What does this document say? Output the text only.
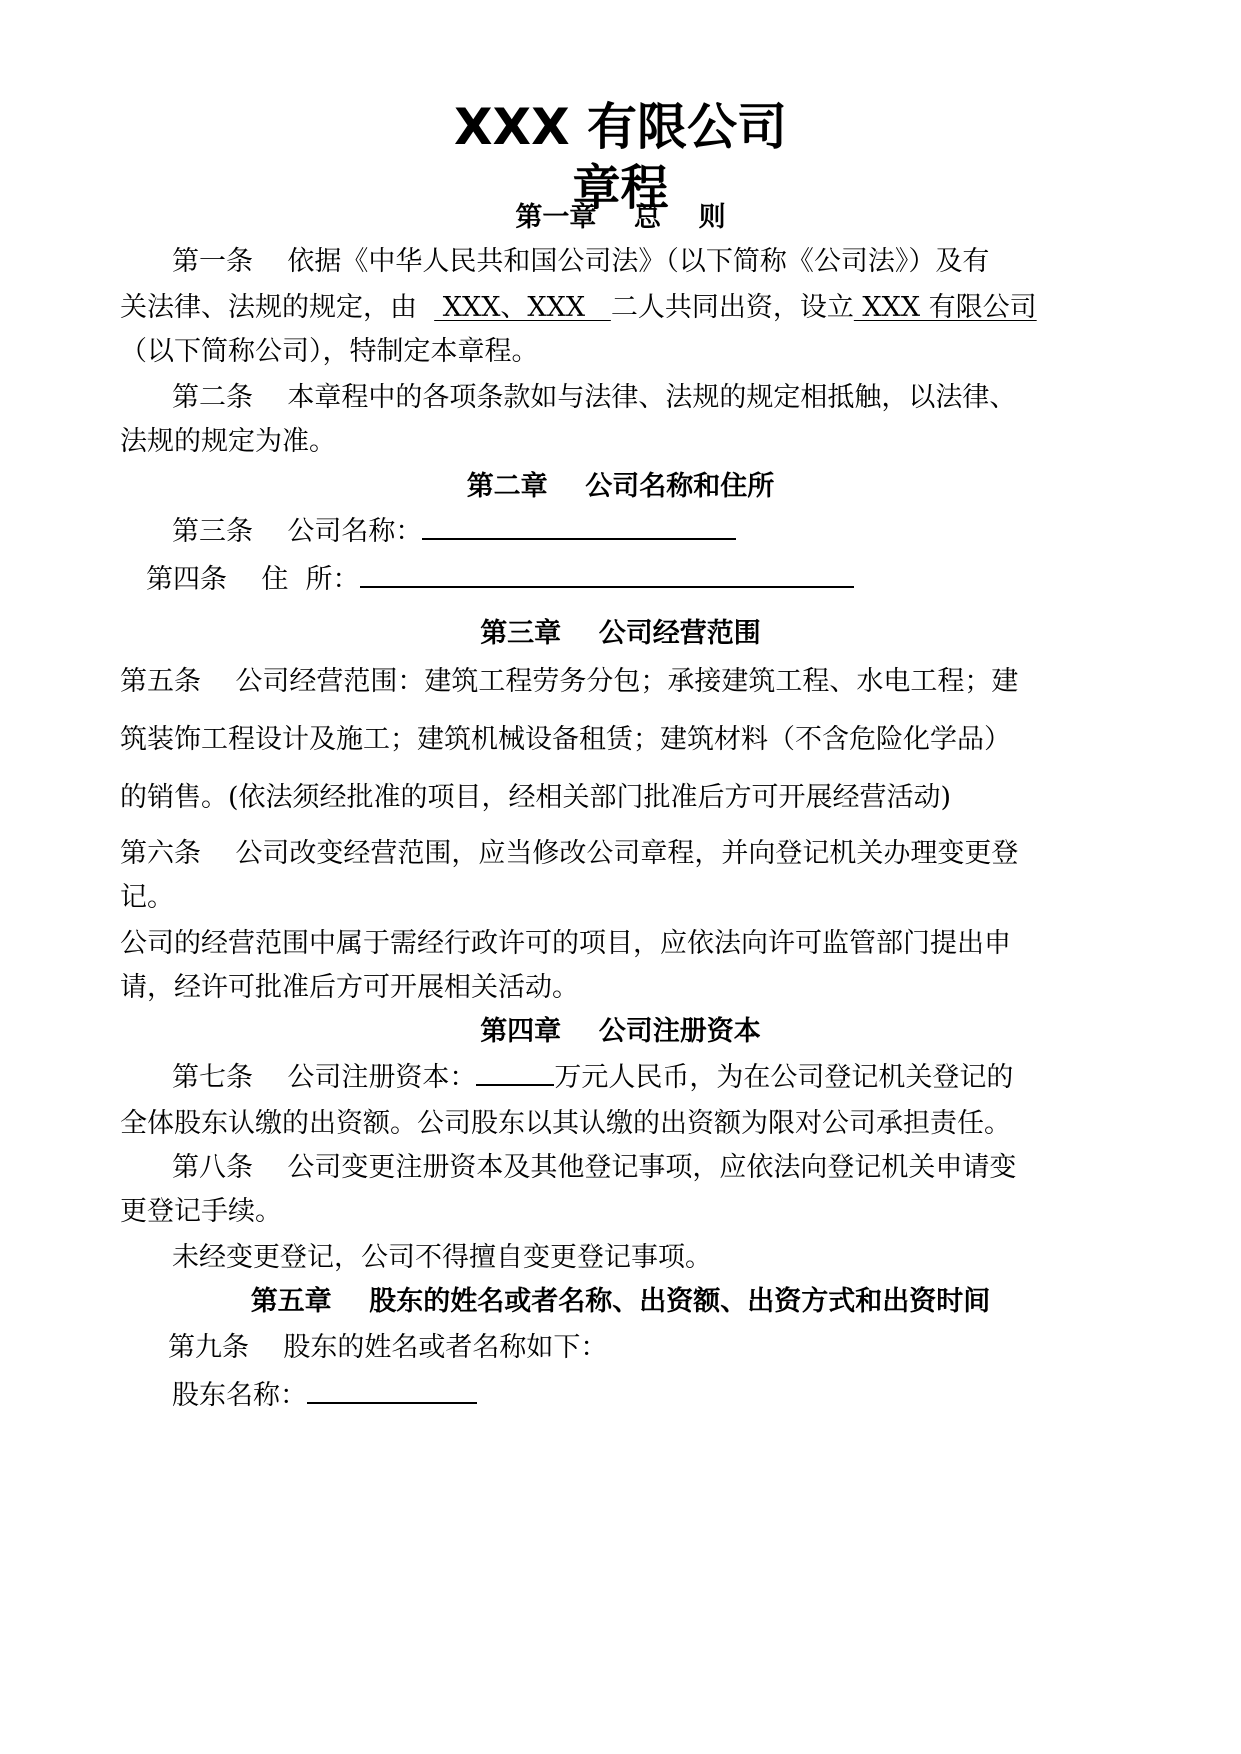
XXX 有限公司
章程
第一章    总    则
第一条    依据《中华人民共和国公司法》（以下简称《公司法》）及有
关法律、法规的规定，由   XXX、XXX   二人共同出资，设立 XXX 有限公司
（以下简称公司），特制定本章程。
第二条    本章程中的各项条款如与法律、法规的规定相抵触，以法律、
法规的规定为准。
第二章    公司名称和住所
第三条    公司名称：
第四条    住  所：
第三章    公司经营范围
第五条    公司经营范围：建筑工程劳务分包；承接建筑工程、水电工程；建
筑装饰工程设计及施工；建筑机械设备租赁；建筑材料（不含危险化学品）
的销售。(依法须经批准的项目，经相关部门批准后方可开展经营活动)
第六条    公司改变经营范围，应当修改公司章程，并向登记机关办理变更登
记。
公司的经营范围中属于需经行政许可的项目，应依法向许可监管部门提出申
请，经许可批准后方可开展相关活动。
第四章    公司注册资本
第七条    公司注册资本：	万元人民币，为在公司登记机关登记的
全体股东认缴的出资额。公司股东以其认缴的出资额为限对公司承担责任。
第八条    公司变更注册资本及其他登记事项，应依法向登记机关申请变
更登记手续。
未经变更登记，公司不得擅自变更登记事项。
第五章    股东的姓名或者名称、出资额、出资方式和出资时间
第九条    股东的姓名或者名称如下：
股东名称：
